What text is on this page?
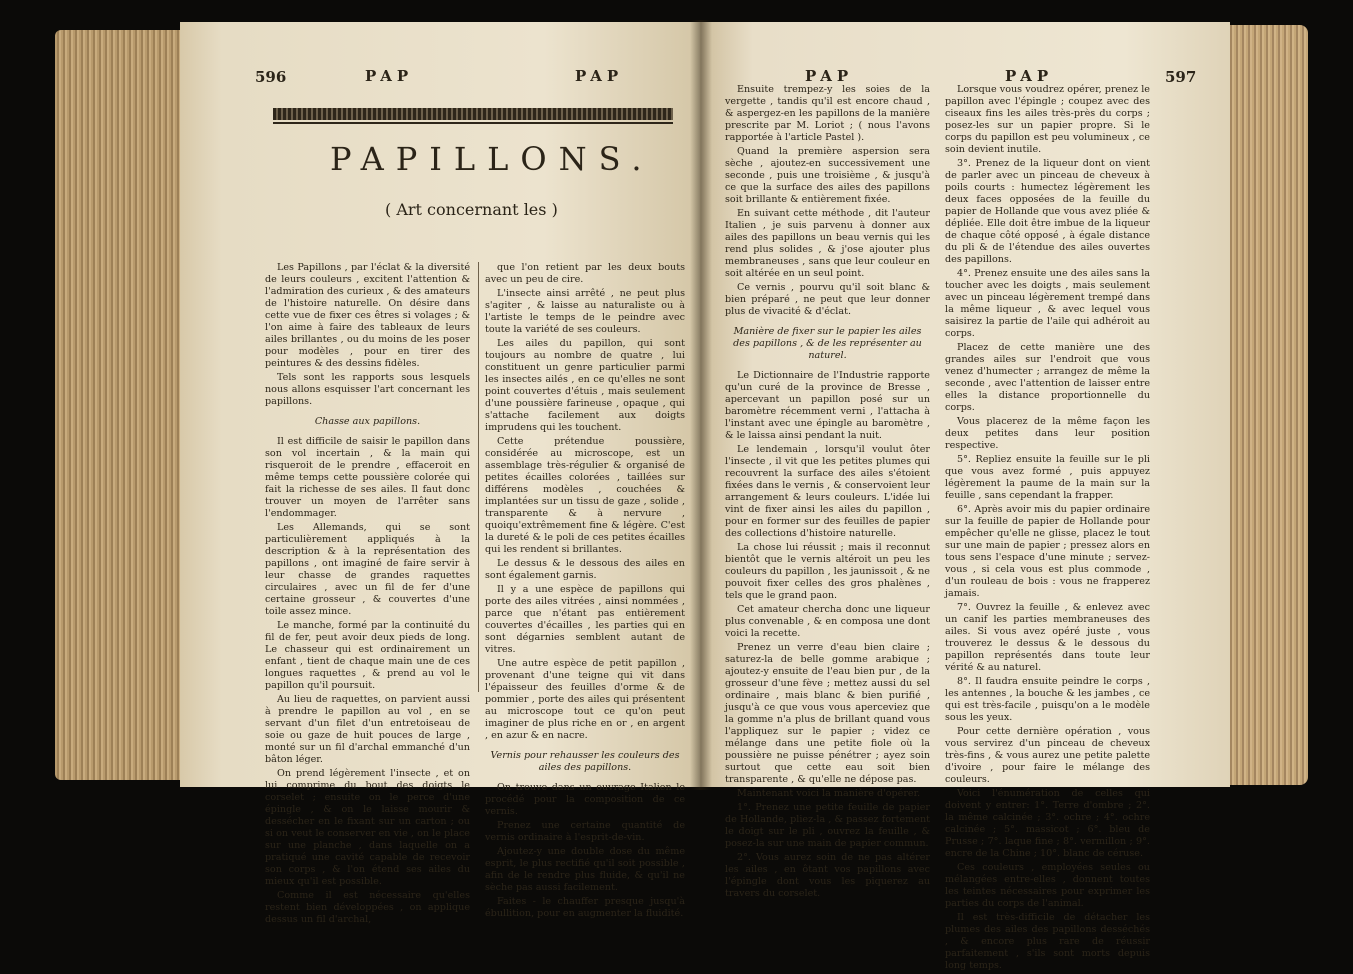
596	PAP	PAP
PAPILLONS.
( Art concernant les )

Les Papillons , par l'éclat & la diversité de leurs couleurs , excitent l'attention & l'admiration des curieux , & des amateurs de l'histoire naturelle. On désire dans cette vue de fixer ces êtres si volages ; & l'on aime à faire des tableaux de leurs ailes brillantes , ou du moins de les poser pour modèles , pour en tirer des peintures & des dessins fidèles.

Tels sont les rapports sous lesquels nous allons esquisser l'art concernant les papillons.

Chasse aux papillons.

Il est difficile de saisir le papillon dans son vol incertain , & la main qui risqueroit de le prendre , effaceroit en même temps cette poussière colorée qui fait la richesse de ses ailes. Il faut donc trouver un moyen de l'arrêter sans l'endommager.

Les Allemands, qui se sont particulièrement appliqués à la description & à la représentation des papillons , ont imaginé de faire servir à leur chasse de grandes raquettes circulaires , avec un fil de fer d'une certaine grosseur , & couvertes d'une toile assez mince.

Le manche, formé par la continuité du fil de fer, peut avoir deux pieds de long. Le chasseur qui est ordinairement un enfant , tient de chaque main une de ces longues raquettes , & prend au vol le papillon qu'il poursuit.

Au lieu de raquettes, on parvient aussi à prendre le papillon au vol , en se servant d'un filet d'un entretoiseau de soie ou gaze de huit pouces de large , monté sur un fil d'archal emmanché d'un bâton léger.

On prend légèrement l'insecte , et on lui comprime du bout des doigts le corselet ; ensuite on le perce d'une épingle , & on le laisse mourir & dessécher en le fixant sur un carton ; ou si on veut le conserver en vie , on le place sur une planche , dans laquelle on a pratiqué une cavité capable de recevoir son corps , & l'on étend ses ailes du mieux qu'il est possible.

Comme il est nécessaire qu'elles restent bien développées , on applique dessus un fil d'archal,

que l'on retient par les deux bouts avec un peu de cire.

L'insecte ainsi arrêté , ne peut plus s'agiter , & laisse au naturaliste ou à l'artiste le temps de le peindre avec toute la variété de ses couleurs.

Les ailes du papillon, qui sont toujours au nombre de quatre , lui constituent un genre particulier parmi les insectes ailés , en ce qu'elles ne sont point couvertes d'étuis , mais seulement d'une poussière farineuse , opaque , qui s'attache facilement aux doigts imprudens qui les touchent.

Cette prétendue poussière, considérée au microscope, est un assemblage très-régulier & organisé de petites écailles colorées , taillées sur différens modèles , couchées & implantées sur un tissu de gaze , solide , transparente & à nervure , quoiqu'extrêmement fine & légère. C'est la dureté & le poli de ces petites écailles qui les rendent si brillantes.

Le dessus & le dessous des ailes en sont également garnis.

Il y a une espèce de papillons qui porte des ailes vitrées , ainsi nommées , parce que n'étant pas entièrement couvertes d'écailles , les parties qui en sont dégarnies semblent autant de vitres.

Une autre espèce de petit papillon , provenant d'une teigne qui vit dans l'épaisseur des feuilles d'orme & de pommier , porte des ailes qui présentent au microscope tout ce qu'on peut imaginer de plus riche en or , en argent , en azur & en nacre.

Vernis pour rehausser les couleurs des ailes des papillons.

On trouve dans un ouvrage Italien le procédé pour la composition de ce vernis.

Prenez une certaine quantité de vernis ordinaire à l'esprit-de-vin.

Ajoutez-y une double dose du même esprit, le plus rectifié qu'il soit possible , afin de le rendre plus fluide, & qu'il ne sèche pas aussi facilement.

Faites - le chauffer presque jusqu'à ébullition, pour en augmenter la fluidité.

PAP	PAP	597

Ensuite trempez-y les soies de la vergette , tandis qu'il est encore chaud , & aspergez-en les papillons de la manière prescrite par M. Loriot ; ( nous l'avons rapportée à l'article Pastel ).

Quand la première aspersion sera sèche , ajoutez-en successivement une seconde , puis une troisième , & jusqu'à ce que la surface des ailes des papillons soit brillante & entièrement fixée.

En suivant cette méthode , dit l'auteur Italien , je suis parvenu à donner aux ailes des papillons un beau vernis qui les rend plus solides , & j'ose ajouter plus membraneuses , sans que leur couleur en soit altérée en un seul point.

Ce vernis , pourvu qu'il soit blanc & bien préparé , ne peut que leur donner plus de vivacité & d'éclat.

Manière de fixer sur le papier les ailes des papillons , & de les représenter au naturel.

Le Dictionnaire de l'Industrie rapporte qu'un curé de la province de Bresse , apercevant un papillon posé sur un baromètre récemment verni , l'attacha à l'instant avec une épingle au baromètre , & le laissa ainsi pendant la nuit.

Le lendemain , lorsqu'il voulut ôter l'insecte , il vit que les petites plumes qui recouvrent la surface des ailes s'étoient fixées dans le vernis , & conservoient leur arrangement & leurs couleurs. L'idée lui vint de fixer ainsi les ailes du papillon , pour en former sur des feuilles de papier des collections d'histoire naturelle.

La chose lui réussit ; mais il reconnut bientôt que le vernis altéroit un peu les couleurs du papillon , les jaunissoit , & ne pouvoit fixer celles des gros phalènes , tels que le grand paon.

Cet amateur chercha donc une liqueur plus convenable , & en composa une dont voici la recette.

Prenez un verre d'eau bien claire ; saturez-la de belle gomme arabique ; ajoutez-y ensuite de l'eau bien pur , de la grosseur d'une fève ; mettez aussi du sel ordinaire , mais blanc & bien purifié , jusqu'à ce que vous vous aperceviez que la gomme n'a plus de brillant quand vous l'appliquez sur le papier ; videz ce mélange dans une petite fiole où la poussière ne puisse pénétrer ; ayez soin surtout que cette eau soit bien transparente , & qu'elle ne dépose pas.

Maintenant voici la manière d'opérer.

1°. Prenez une petite feuille de papier de Hollande, pliez-la , & passez fortement le doigt sur le pli , ouvrez la feuille , & posez-la sur une main de papier commun.

2°. Vous aurez soin de ne pas altérer les ailes , en ôtant vos papillons avec l'épingle dont vous les piquerez au travers du corselet.

Lorsque vous voudrez opérer, prenez le papillon avec l'épingle ; coupez avec des ciseaux fins les ailes très-près du corps ; posez-les sur un papier propre. Si le corps du papillon est peu volumineux , ce soin devient inutile.

3°. Prenez de la liqueur dont on vient de parler avec un pinceau de cheveux à poils courts : humectez légèrement les deux faces opposées de la feuille du papier de Hollande que vous avez pliée & dépliée. Elle doit être imbue de la liqueur de chaque côté opposé , à égale distance du pli & de l'étendue des ailes ouvertes des papillons.

4°. Prenez ensuite une des ailes sans la toucher avec les doigts , mais seulement avec un pinceau légèrement trempé dans la même liqueur , & avec lequel vous saisirez la partie de l'aile qui adhéroit au corps.

Placez de cette manière une des grandes ailes sur l'endroit que vous venez d'humecter ; arrangez de même la seconde , avec l'attention de laisser entre elles la distance proportionnelle du corps.

Vous placerez de la même façon les deux petites dans leur position respective.

5°. Repliez ensuite la feuille sur le pli que vous avez formé , puis appuyez légèrement la paume de la main sur la feuille , sans cependant la frapper.

6°. Après avoir mis du papier ordinaire sur la feuille de papier de Hollande pour empêcher qu'elle ne glisse, placez le tout sur une main de papier ; pressez alors en tous sens l'espace d'une minute ; servez-vous , si cela vous est plus commode , d'un rouleau de bois : vous ne frapperez jamais.

7°. Ouvrez la feuille , & enlevez avec un canif les parties membraneuses des ailes. Si vous avez opéré juste , vous trouverez le dessus & le dessous du papillon représentés dans toute leur vérité & au naturel.

8°. Il faudra ensuite peindre le corps , les antennes , la bouche & les jambes , ce qui est très-facile , puisqu'on a le modèle sous les yeux.

Pour cette dernière opération , vous vous servirez d'un pinceau de cheveux très-fins , & vous aurez une petite palette d'ivoire , pour faire le mélange des couleurs.

Voici l'énumération de celles qui doivent y entrer: 1°. Terre d'ombre ; 2°. la même calcinée ; 3°. ochre ; 4°. ochre calcinée ; 5°. massicot ; 6°. bleu de Prusse ; 7°. laque fine ; 8°. vermillon ; 9°. encre de la Chine ; 10°. blanc de céruse.

Ces couleurs , employées seules ou mélangées entre-elles , donnent toutes les teintes nécessaires pour exprimer les parties du corps de l'animal.

Il est très-difficile de détacher les plumes des ailes des papillons desséchés , & encore plus rare de réussir parfaitement , s'ils sont morts depuis long temps.
